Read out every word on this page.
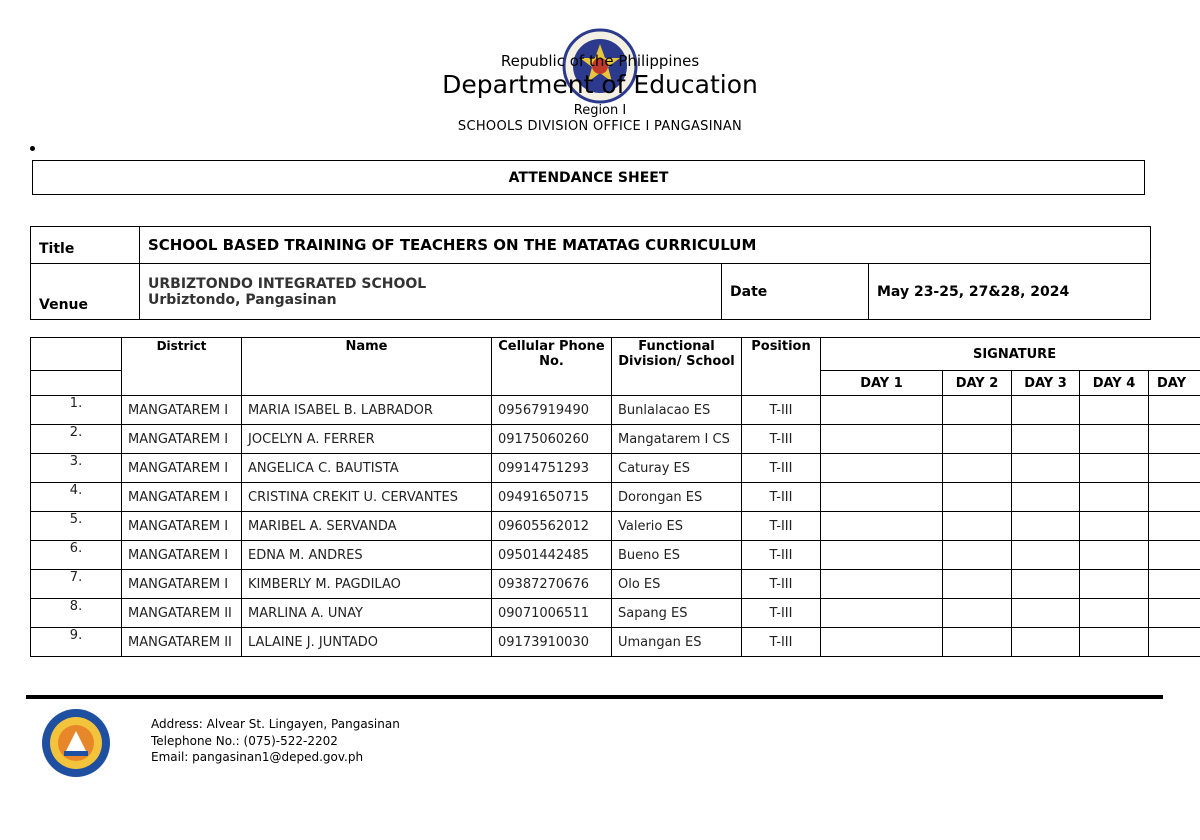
Republic of the Philippines
Department of Education
Region I
SCHOOLS DIVISION OFFICE I PANGASINAN
ATTENDANCE SHEET
Title	SCHOOL BASED TRAINING OF TEACHERS ON THE MATATAG CURRICULUM		
Venue	URBIZTONDO INTEGRATED SCHOOL
Urbiztondo, Pangasinan	Date	May 23-25, 27&28, 2024
	District	Name	Cellular Phone No.	Functional Division/ School	Position	SIGNATURE				
						DAY 1	DAY 2	DAY 3	DAY 4	DAY
1.	MANGATAREM I	MARIA ISABEL B. LABRADOR	09567919490	Bunlalacao ES	T-III					
2.	MANGATAREM I	JOCELYN A. FERRER	09175060260	Mangatarem I CS	T-III					
3.	MANGATAREM I	ANGELICA C. BAUTISTA	09914751293	Caturay ES	T-III					
4.	MANGATAREM I	CRISTINA CREKIT U. CERVANTES	09491650715	Dorongan ES	T-III					
5.	MANGATAREM I	MARIBEL A. SERVANDA	09605562012	Valerio ES	T-III					
6.	MANGATAREM I	EDNA M. ANDRES	09501442485	Bueno ES	T-III					
7.	MANGATAREM I	KIMBERLY M. PAGDILAO	09387270676	Olo ES	T-III					
8.	MANGATAREM II	MARLINA A. UNAY	09071006511	Sapang ES	T-III					
9.	MANGATAREM II	LALAINE J. JUNTADO	09173910030	Umangan ES	T-III					
Address: Alvear St. Lingayen, Pangasinan
Telephone No.: (075)-522-2202
Email: pangasinan1@deped.gov.ph
